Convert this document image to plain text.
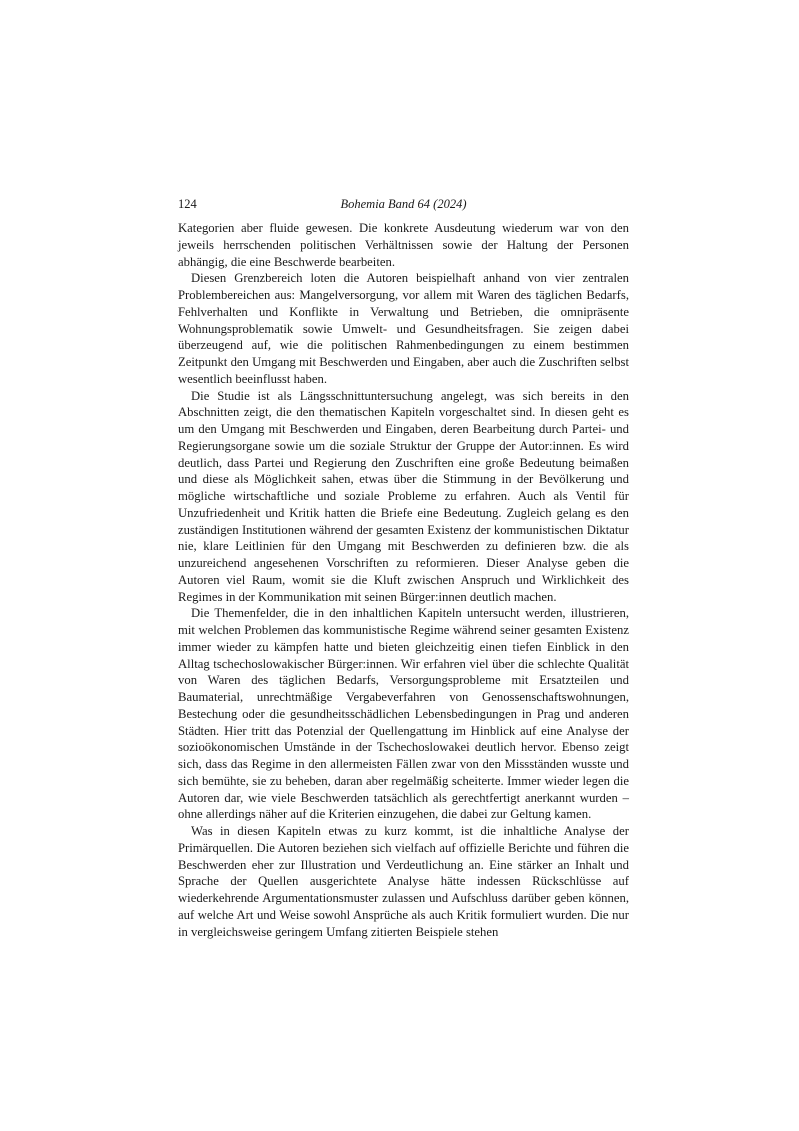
124	Bohemia Band 64 (2024)

Kategorien aber fluide gewesen. Die konkrete Ausdeutung wiederum war von den jeweils herrschenden politischen Verhältnissen sowie der Haltung der Personen abhängig, die eine Beschwerde bearbeiten.

Diesen Grenzbereich loten die Autoren beispielhaft anhand von vier zentralen Problembereichen aus: Mangelversorgung, vor allem mit Waren des täglichen Bedarfs, Fehlverhalten und Konflikte in Verwaltung und Betrieben, die omnipräsente Wohnungsproblematik sowie Umwelt- und Gesundheitsfragen. Sie zeigen dabei überzeugend auf, wie die politischen Rahmenbedingungen zu einem bestimmen Zeitpunkt den Umgang mit Beschwerden und Eingaben, aber auch die Zuschriften selbst wesentlich beeinflusst haben.

Die Studie ist als Längsschnittuntersuchung angelegt, was sich bereits in den Abschnitten zeigt, die den thematischen Kapiteln vorgeschaltet sind. In diesen geht es um den Umgang mit Beschwerden und Eingaben, deren Bearbeitung durch Partei- und Regierungsorgane sowie um die soziale Struktur der Gruppe der Autor:innen. Es wird deutlich, dass Partei und Regierung den Zuschriften eine große Bedeutung beimaßen und diese als Möglichkeit sahen, etwas über die Stimmung in der Bevölkerung und mögliche wirtschaftliche und soziale Probleme zu erfahren. Auch als Ventil für Unzufriedenheit und Kritik hatten die Briefe eine Bedeutung. Zugleich gelang es den zuständigen Institutionen während der gesamten Existenz der kommunistischen Diktatur nie, klare Leitlinien für den Umgang mit Beschwerden zu definieren bzw. die als unzureichend angesehenen Vorschriften zu reformieren. Dieser Analyse geben die Autoren viel Raum, womit sie die Kluft zwischen Anspruch und Wirklichkeit des Regimes in der Kommunikation mit seinen Bürger:innen deutlich machen.

Die Themenfelder, die in den inhaltlichen Kapiteln untersucht werden, illustrieren, mit welchen Problemen das kommunistische Regime während seiner gesamten Existenz immer wieder zu kämpfen hatte und bieten gleichzeitig einen tiefen Einblick in den Alltag tschechoslowakischer Bürger:innen. Wir erfahren viel über die schlechte Qualität von Waren des täglichen Bedarfs, Versorgungsprobleme mit Ersatzteilen und Baumaterial, unrechtmäßige Vergabeverfahren von Genossenschaftswohnungen, Bestechung oder die gesundheitsschädlichen Lebensbedingungen in Prag und anderen Städten. Hier tritt das Potenzial der Quellengattung im Hinblick auf eine Analyse der sozioökonomischen Umstände in der Tschechoslowakei deutlich hervor. Ebenso zeigt sich, dass das Regime in den allermeisten Fällen zwar von den Missständen wusste und sich bemühte, sie zu beheben, daran aber regelmäßig scheiterte. Immer wieder legen die Autoren dar, wie viele Beschwerden tatsächlich als gerechtfertigt anerkannt wurden – ohne allerdings näher auf die Kriterien einzugehen, die dabei zur Geltung kamen.

Was in diesen Kapiteln etwas zu kurz kommt, ist die inhaltliche Analyse der Primärquellen. Die Autoren beziehen sich vielfach auf offizielle Berichte und führen die Beschwerden eher zur Illustration und Verdeutlichung an. Eine stärker an Inhalt und Sprache der Quellen ausgerichtete Analyse hätte indessen Rückschlüsse auf wiederkehrende Argumentationsmuster zulassen und Aufschluss darüber geben können, auf welche Art und Weise sowohl Ansprüche als auch Kritik formuliert wurden. Die nur in vergleichsweise geringem Umfang zitierten Beispiele stehen
